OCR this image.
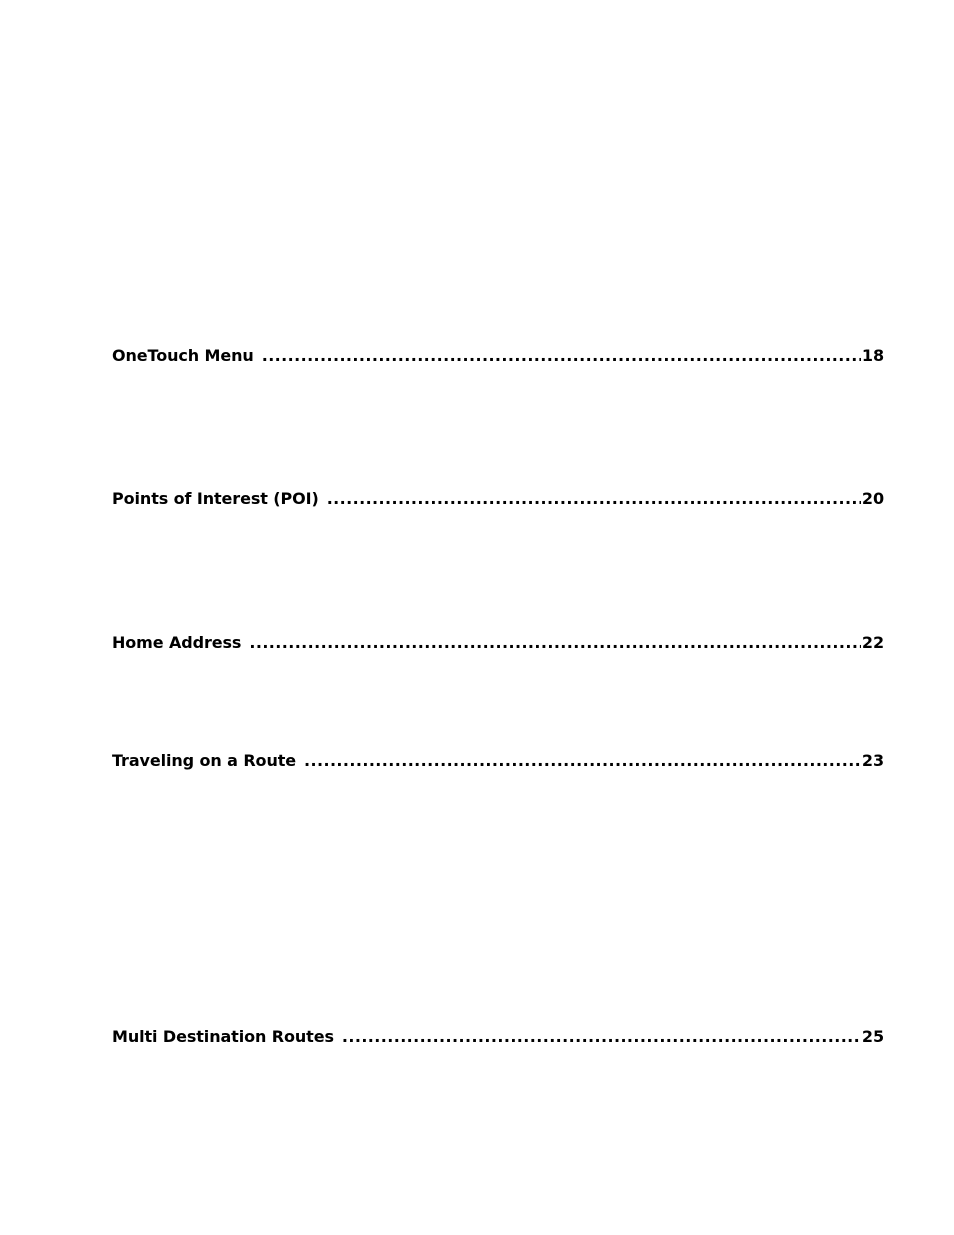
OneTouch Menu .....	18
Points of Interest (POI) .....	20
Home Address .....	22
Traveling on a Route .....	23
Multi Destination Routes .....	25
